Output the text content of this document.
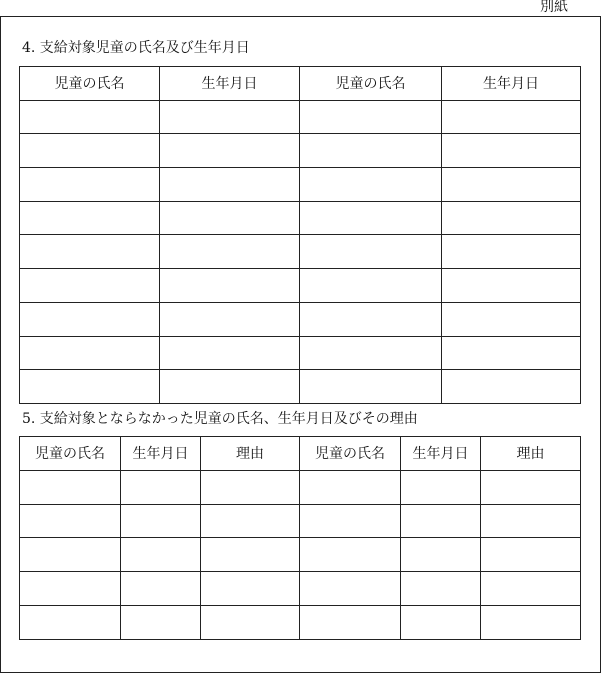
別紙
4. 支給対象児童の氏名及び生年月日
児童の氏名	生年月日	児童の氏名	生年月日

5. 支給対象とならなかった児童の氏名、生年月日及びその理由
児童の氏名	生年月日	理由	児童の氏名	生年月日	理由
